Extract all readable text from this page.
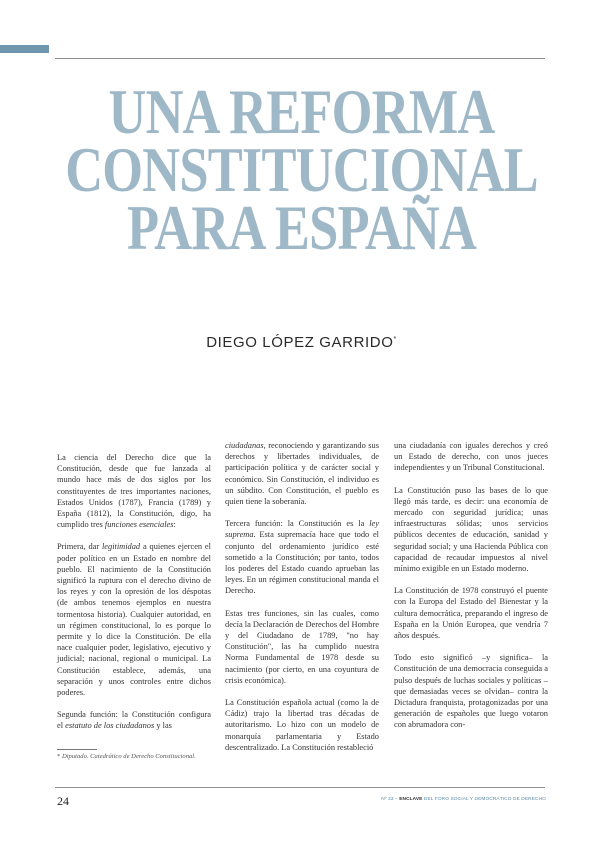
UNA REFORMA
CONSTITUCIONAL
PARA ESPAÑA
DIEGO LÓPEZ GARRIDO*

La ciencia del Derecho dice que la Constitución, desde que fue lanzada al mundo hace más de dos siglos por los constituyentes de tres importantes naciones, Estados Unidos (1787), Francia (1789) y España (1812), la Constitución, digo, ha cumplido tres funciones esenciales:

Primera, dar legitimidad a quienes ejercen el poder político en un Estado en nombre del pueblo. El nacimiento de la Constitución significó la ruptura con el derecho divino de los reyes y con la opresión de los déspotas (de ambos tenemos ejemplos en nuestra tormentosa historia). Cualquier autoridad, en un régimen constitucional, lo es porque lo permite y lo dice la Constitución. De ella nace cualquier poder, legislativo, ejecutivo y judicial; nacional, regional o municipal. La Constitución establece, además, una separación y unos controles entre dichos poderes.

Segunda función: la Constitución configura el estatuto de los ciudadanos y las

ciudadanas, reconociendo y garantizando sus derechos y libertades individuales, de participación política y de carácter social y económico. Sin Constitución, el individuo es un súbdito. Con Constitución, el pueblo es quien tiene la soberanía.

Tercera función: la Constitución es la ley suprema. Esta supremacía hace que todo el conjunto del ordenamiento jurídico esté sometido a la Constitución; por tanto, todos los poderes del Estado cuando aprueban las leyes. En un régimen constitucional manda el Derecho.

Estas tres funciones, sin las cuales, como decía la Declaración de Derechos del Hombre y del Ciudadano de 1789, "no hay Constitución", las ha cumplido nuestra Norma Fundamental de 1978 desde su nacimiento (por cierto, en una coyuntura de crisis económica).

La Constitución española actual (como la de Cádiz) trajo la libertad tras décadas de autoritarismo. Lo hizo con un modelo de monarquía parlamentaria y Estado descentralizado. La Constitución restableció

una ciudadanía con iguales derechos y creó un Estado de derecho, con unos jueces independientes y un Tribunal Constitucional.

La Constitución puso las bases de lo que llegó más tarde, es decir: una economía de mercado con seguridad jurídica; unas infraestructuras sólidas; unos servicios públicos decentes de educación, sanidad y seguridad social; y una Hacienda Pública con capacidad de recaudar impuestos al nivel mínimo exigible en un Estado moderno.

La Constitución de 1978 construyó el puente con la Europa del Estado del Bienestar y la cultura democrática, preparando el ingreso de España en la Unión Europea, que vendría 7 años después.

Todo esto significó –y significa– la Constitución de una democracia conseguida a pulso después de luchas sociales y políticas –que demasiadas veces se olvidan– contra la Dictadura franquista, protagonizadas por una generación de españoles que luego votaron con abrumadora con-

* Diputado. Catedrático de Derecho Constitucional.
24	Nº 33 – ENCLAVE DEL FORO SOCIAL Y DEMOCRÁTICO DE DERECHO
